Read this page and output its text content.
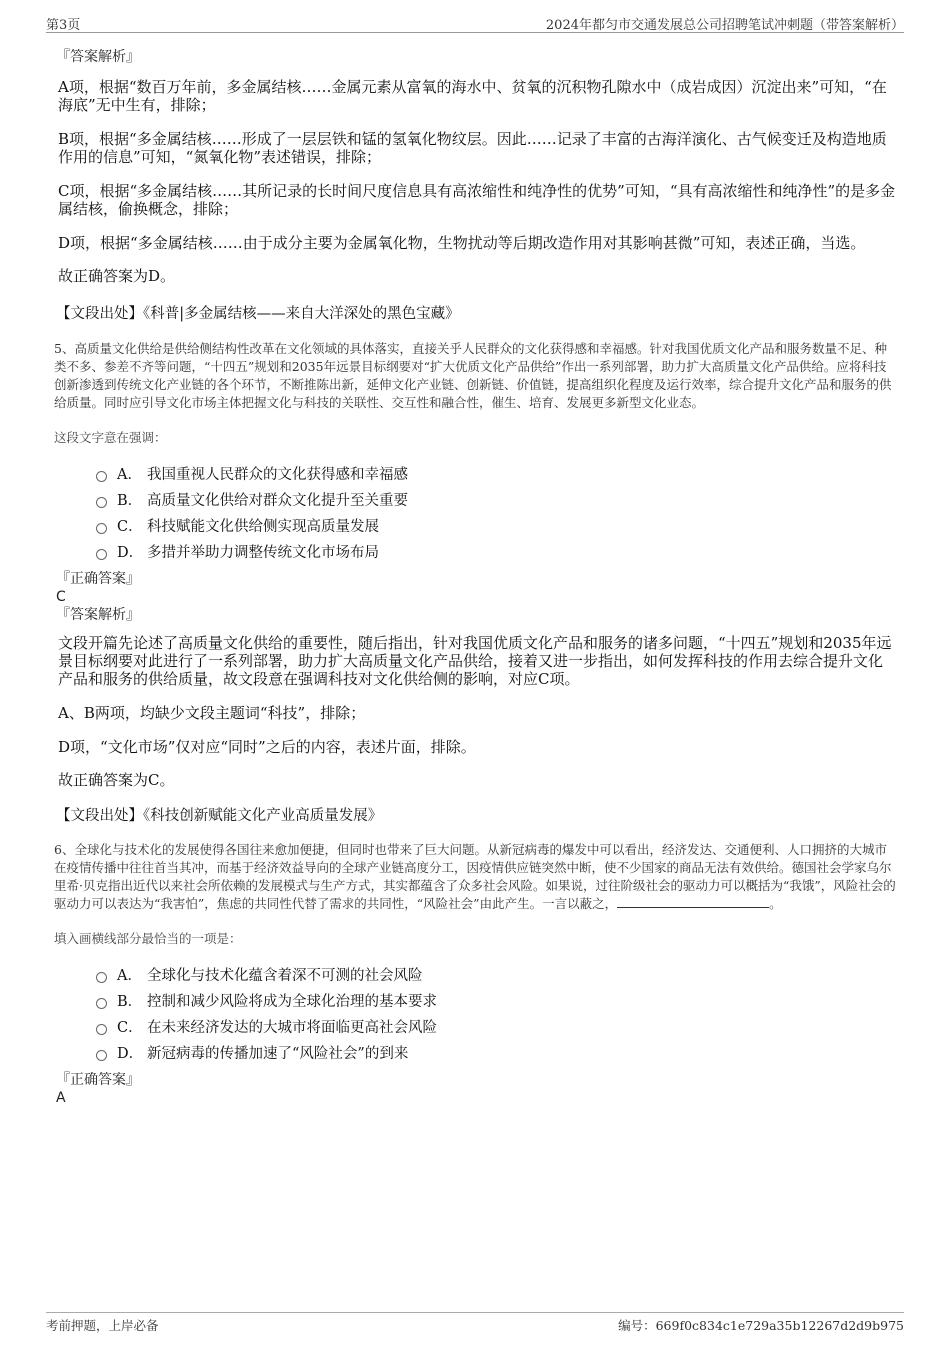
第3页	2024年都匀市交通发展总公司招聘笔试冲刺题（带答案解析）
『答案解析』

A项，根据“数百万年前，多金属结核……金属元素从富氧的海水中、贫氧的沉积物孔隙水中（成岩成因）沉淀出来”可知，“在海底”无中生有，排除；

B项，根据“多金属结核……形成了一层层铁和锰的氢氧化物纹层。因此……记录了丰富的古海洋演化、古气候变迁及构造地质作用的信息”可知，“氮氧化物”表述错误，排除；

C项，根据“多金属结核……其所记录的长时间尺度信息具有高浓缩性和纯净性的优势”可知，“具有高浓缩性和纯净性”的是多金属结核，偷换概念，排除；

D项，根据“多金属结核……由于成分主要为金属氧化物，生物扰动等后期改造作用对其影响甚微”可知，表述正确，当选。

故正确答案为D。

【文段出处】《科普|多金属结核——来自大洋深处的黑色宝藏》

5、高质量文化供给是供给侧结构性改革在文化领域的具体落实，直接关乎人民群众的文化获得感和幸福感。针对我国优质文化产品和服务数量不足、种类不多、参差不齐等问题，“十四五”规划和2035年远景目标纲要对“扩大优质文化产品供给”作出一系列部署，助力扩大高质量文化产品供给。应将科技创新渗透到传统文化产业链的各个环节，不断推陈出新，延伸文化产业链、创新链、价值链，提高组织化程度及运行效率，综合提升文化产品和服务的供给质量。同时应引导文化市场主体把握文化与科技的关联性、交互性和融合性，催生、培育、发展更多新型文化业态。

这段文字意在强调：
A． 我国重视人民群众的文化获得感和幸福感
B． 高质量文化供给对群众文化提升至关重要
C． 科技赋能文化供给侧实现高质量发展
D． 多措并举助力调整传统文化市场布局
『正确答案』
C
『答案解析』

文段开篇先论述了高质量文化供给的重要性，随后指出，针对我国优质文化产品和服务的诸多问题，“十四五”规划和2035年远景目标纲要对此进行了一系列部署，助力扩大高质量文化产品供给，接着又进一步指出，如何发挥科技的作用去综合提升文化产品和服务的供给质量，故文段意在强调科技对文化供给侧的影响，对应C项。

A、B两项，均缺少文段主题词“科技”，排除；

D项，“文化市场”仅对应“同时”之后的内容，表述片面，排除。

故正确答案为C。

【文段出处】《科技创新赋能文化产业高质量发展》

6、全球化与技术化的发展使得各国往来愈加便捷，但同时也带来了巨大问题。从新冠病毒的爆发中可以看出，经济发达、交通便利、人口拥挤的大城市在疫情传播中往往首当其冲，而基于经济效益导向的全球产业链高度分工，因疫情供应链突然中断，使不少国家的商品无法有效供给。德国社会学家乌尔里希·贝克指出近代以来社会所依赖的发展模式与生产方式，其实都蕴含了众多社会风险。如果说，过往阶级社会的驱动力可以概括为“我饿”，风险社会的驱动力可以表达为“我害怕”，焦虑的共同性代替了需求的共同性，“风险社会”由此产生。一言以蔽之，	。

填入画横线部分最恰当的一项是：
A． 全球化与技术化蕴含着深不可测的社会风险
B． 控制和减少风险将成为全球化治理的基本要求
C． 在未来经济发达的大城市将面临更高社会风险
D． 新冠病毒的传播加速了“风险社会”的到来
『正确答案』
A
考前押题，上岸必备	编号：669f0c834c1e729a35b12267d2d9b975
